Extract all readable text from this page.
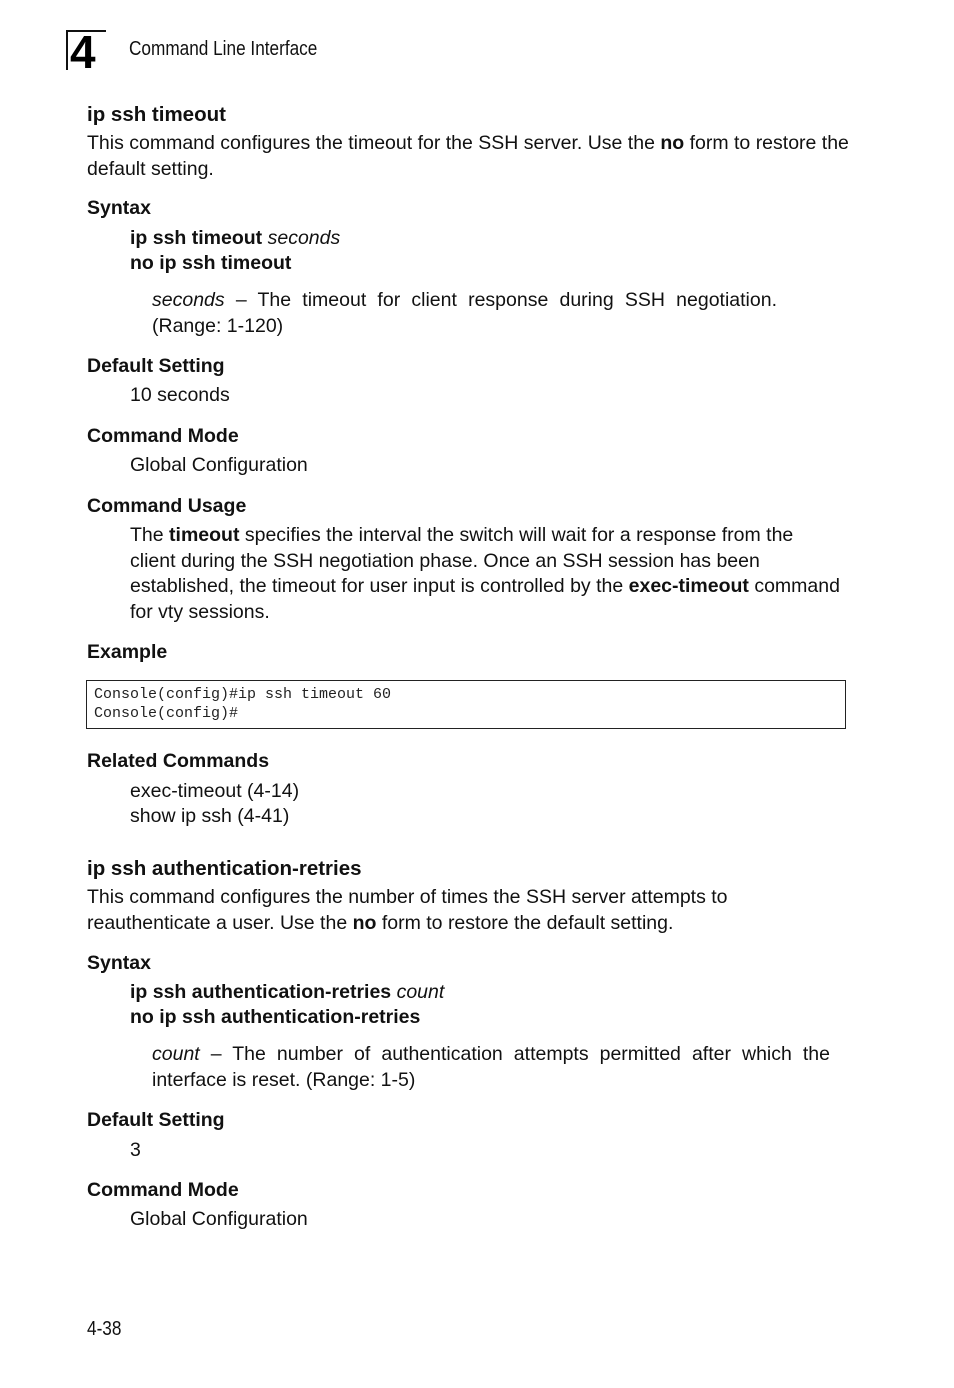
4	Command Line Interface
ip ssh timeout

This command configures the timeout for the SSH server. Use the no form to restore the default setting.

Syntax

ip ssh timeout seconds

no ip ssh timeout

seconds – The timeout for client response during SSH negotiation. (Range: 1-120)

Default Setting

10 seconds

Command Mode

Global Configuration

Command Usage

The timeout specifies the interval the switch will wait for a response from the client during the SSH negotiation phase. Once an SSH session has been established, the timeout for user input is controlled by the exec-timeout command for vty sessions.

Example
Console(config)#ip ssh timeout 60
Console(config)#
Related Commands

exec-timeout (4-14)

show ip ssh (4-41)

ip ssh authentication-retries

This command configures the number of times the SSH server attempts to reauthenticate a user. Use the no form to restore the default setting.

Syntax

ip ssh authentication-retries count

no ip ssh authentication-retries

count – The number of authentication attempts permitted after which the interface is reset. (Range: 1-5)

Default Setting

3

Command Mode

Global Configuration

4-38
